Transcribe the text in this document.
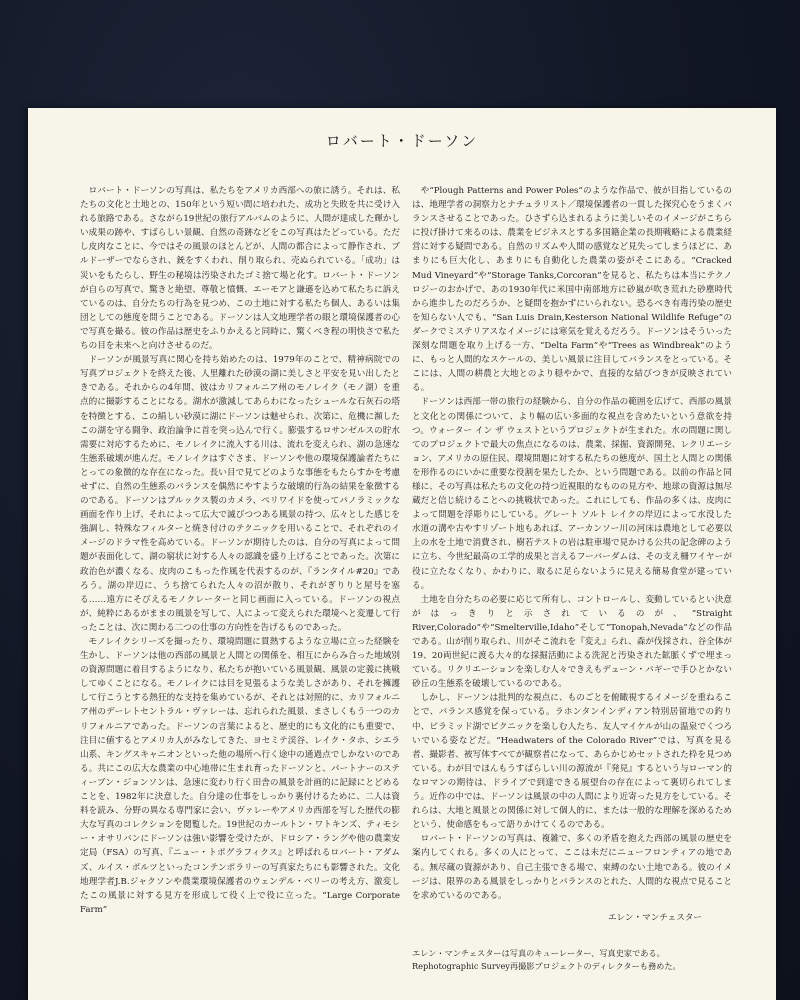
ロバート・ドーソン

ロバート・ドーソンの写真は、私たちをアメリカ西部への旅に誘う。それは、私たちの文化と土地との、150年という短い間に培われた、成功と失敗を共に受け入れる旅路である。さながら19世紀の旅行アルバムのように、人間が達成した輝かしい成果の跡や、すばらしい景観、自然の奇跡などをこの写真はたどっている。ただし皮肉なことに、今ではその風景のほとんどが、人間の都合によって静作され、ブルドーザーでならされ、銃をすくわれ、削り取られ、売ぬられている。「成功」は災いをもたらし、野生の秘境は汚染されたゴミ捨て場と化す。ロバート・ドーソンが自らの写真で、驚きと絶望、尊敬と憤慨、エーモアと謙遜を込めて私たちに訴えているのは、自分たちの行為を見つめ、この土地に対する私たち個人、あるいは集団としての態度を問うことである。ドーソンは人文地理学者の眼と環境保護者の心で写真を撮る。彼の作品は歴史をふりかえると同時に、驚くべき程の明快さで私たちの目を未来へと向けさせるのだ。

ドーソンが風景写真に関心を持ち始めたのは、1979年のことで、精神病院での写真プロジェクトを終えた後、人里離れた砂漠の湖に美しさと平安を見い出したときである。それからの4年間、彼はカリフォルニア州のモノレイク（モノ湖）を重点的に撮影することになる。湖水が激減してあらわになったシュールな石灰石の塔を特徴とする、この絹しい砂漠に湖にドーソンは魅せられ、次第に、危機に瀕したこの湖を守る闘争、政治論争に首を突っ込んで行く。膨張するロサンゼルスの貯水需要に対応するために、モノレイクに流入する川は、流れを変えられ、湖の急速な生態系破壊が進んだ。モノレイクはすぐさま、ドーソンや他の環境保護論者たちにとっての象徴的な存在になった。長い目で見てどのような事態をもたらすかを考慮せずに、自然の生態系のバランスを偶然にやすような破壊的行為の結果を象徴するのである。ドーソンはプルックス製のカメラ、ペリワイドを使ってパノラミックな画面を作り上げ、それによって広大で滅びつつある風景の持つ、広々とした感じを強調し、特殊なフィルターと焼き付けのテクニックを用いることで、それぞれのイメージのドラマ性を高めている。ドーソンが期待したのは、自分の写真によって問題が表面化して、湖の窮状に対する人々の認識を盛り上げることであった。次第に政治色が濃くなる、皮肉のこもった作風を代表するのが、『ランタイル#20』であろう。湖の岸辺に、うち捨てられた人々の沼が散り、それがぎりりと屋号を塞る……遠方にそびえるモノクレーターと同じ画面に入っている。ドーソンの視点が、純粋にあるがままの風景を写して、人によって変えられた環境へと変遷して行ったことは、次に関わる二つの仕事の方向性を告げるものであった。

モノレイクシリーズを撮ったり、環境問題に貫熱するような立場に立った経験を生かし、ドーソンは他の西部の風景と人間との関係を、相互にからみ合った地域別の資源問題に着目するようになり、私たちが抱いている風景観、風景の定義に挑戦してゆくことになる。モノレイクには目を見張るような美しさがあり、それを擁護して行こうとする熱狂的な支持を集めているが、それとは対照的に、カリフォルニア州のデーレトセントラル・ヴァレーは、忘れられた風景、まさしくもう一つのカリフォルニアであった。ドーソンの言葉によると、歴史的にも文化的にも重要で、注目に値するとアメリカ人がみなしてきた、ヨセミテ渓谷、レイク・タホ、シエラ山系、キングスキャニオンといった他の場所へ行く途中の通過点でしかないのである。共にこの広大な農業の中心地帯に生まれ育ったドーソンと、パートナーのスティーブン・ジョンソンは、急速に変わり行く田舎の風景を計画的に記録にとどめることを、1982年に決意した。自分達の仕事をしっかり裏付けるために、二人は資料を読み、分野の異なる専門家に会い、ヴァレーやアメリカ西部を写した歴代の膨大な写真のコレクションを閲覧した。19世紀のカールトン・ワトキンズ、ティモシー・オサリバンにドーソンは強い影響を受けたが、ドロシア・ラングや他の農業安定局（FSA）の写真、『ニュー・トポグラフィクス』と呼ばれるロバート・アダムズ、ルイス・ボルツといったコンテンポラリーの写真家たちにも影響された。文化地理学者J.B.ジャクソンや農業環境保護者のウェンデル・ベリーの考え方、激変したこの風景に対する見方を形成して役く上で役に立った。“Large Corporate Farm”

や“Plough Patterns and Power Poles”のような作品で、彼が目指しているのは、地理学者の洞察力とナチュラリスト／環境保護者の一貫した探究心をうまくバランスさせることであった。ひさずら込まれるように美しいそのイメージがこちらに投げ掛けて来るのは、農業をビジネスとする多国籍企業の長期戦略による農業経営に対する疑問である。自然のリズムや人間の感覚など見失ってしまうほどに、あまりにも巨大化し、あまりにも自動化した農業の姿がそこにある。“Cracked Mud Vineyard”や“Storage Tanks,Corcoran”を見ると、私たちは本当にテクノロジーのおかげで、あの1930年代に米国中南部地方に砂嵐が吹き荒れた砂塵時代から進歩したのだろうか、と疑問を抱かずにいられない。恐るべき有毒汚染の歴史を知らない人でも、“San Luis Drain,Kesterson National Wildlife Refuge”のダークでミステリアスなイメージには寒気を覚えるだろう。ドーソンはそういった深刻な問題を取り上げる一方、“Delta Farm”や“Trees as Windbreak”のように、もっと人間的なスケールの、美しい風景に注目してバランスをとっている。そこには、人間の耕農と大地とのより穏やかで、直接的な結びつきが反映されている。

ドーソンは西部一帯の旅行の経験から、自分の作品の範囲を広げて、西部の風景と文化との関係について、より幅の広い多面的な視点を含めたいという意欲を持つ。ウォーター イン ザ ウェストというプロジェクトが生まれた。水の問題に関してのプロジェクトで最大の焦点になるのは、農業、採掘、資源開発、レクリエーション、アメリカの原住民、環境問題に対する私たちの態度が、国土と人間との関係を形作るのにいかに重要な役割を果たしたか、という問題である。以前の作品と同様に、その写真は私たちの文化の持つ近視眼的なものの見方や、地球の資源は無尽蔵だと信じ続けることへの挑戦状であった。これにしても、作品の多くは、皮肉によって問題を浮彫りにしている。グレート ソルト レイクの岸辺によって水没した水道の溝や古やすリゾート地もあれば、アーカンソー川の河床は農地として必要以上の水を土地で消費され、樹若テストの岩は駐車場で見かける公共の記念碑のように立ち、今世紀最高の工学的成果と言えるフーバーダムは、その支え柵ワイヤーが役に立たなくなり、かわりに、取るに足らないように見える簡易食堂が建っている。

土地を自分たちの必要に応じて所有し、コントロールし、変動しているとい決意がはっきりと示されているのが、“Straight River,Colorado”や“Smelterville,Idaho”そして“Tonopah,Nevada”などの作品である。山が削り取られ、川がそこ流れを『変え』られ、森が伐採され、谷全体が19、20両世紀に渡る大々的な採掘活動による洗泥と汚染された鉱脈くずで埋まっている。リクリエーションを楽しむ人々できえもデューン・バギーで手ひとかない砂丘の生態系を破壊しているのである。

しかし、ドーソンは批判的な視点に、ものごとを俯瞰視するイメージを重ねることで、バランス感覚を保っている。ラホンタンインディアン特別居留地での釣り中、ピラミッド湖でピクニックを楽しむ人たち、友人マイケルが山の温泉でくつろいでいる姿などだ。“Headwaters of the Colorado River”では、写真を見る者、撮影者、被写体すべてが観察者になって、あらかじめセットされた枠を見つめている。わが目でほんもうすばらしい川の源流が『発見』するという与ローマン的なロマンの期待は、ドライブで到達できる展望台の存在によって裏切られてしまう。近作の中では、ドーソンは風景の中の人間により近寄った見方をしている。それらは、大地と風景との関係に対して個人的に、または一般的な理解を深めるためという、使命感をもって語りかけてくるのである。

ロバート・ドーソンの写真は、複雑で、多くの矛盾を抱えた西部の風景の歴史を案内してくれる。多くの人にとって、ここは未だにニューフロンティアの地である。無尽蔵の資源があり、自己主張できる場で、束縛のない土地である。彼のイメージは、限界のある風景をしっかりとバランスのとれた、人間的な視点で見ることを求めているのである。

エレン・マンチェスター

エレン・マンチェスターは写真のキューレーター、写真史家である。
Rephotographic Survey再撮影プロジェクトのディレクターも務めた。
